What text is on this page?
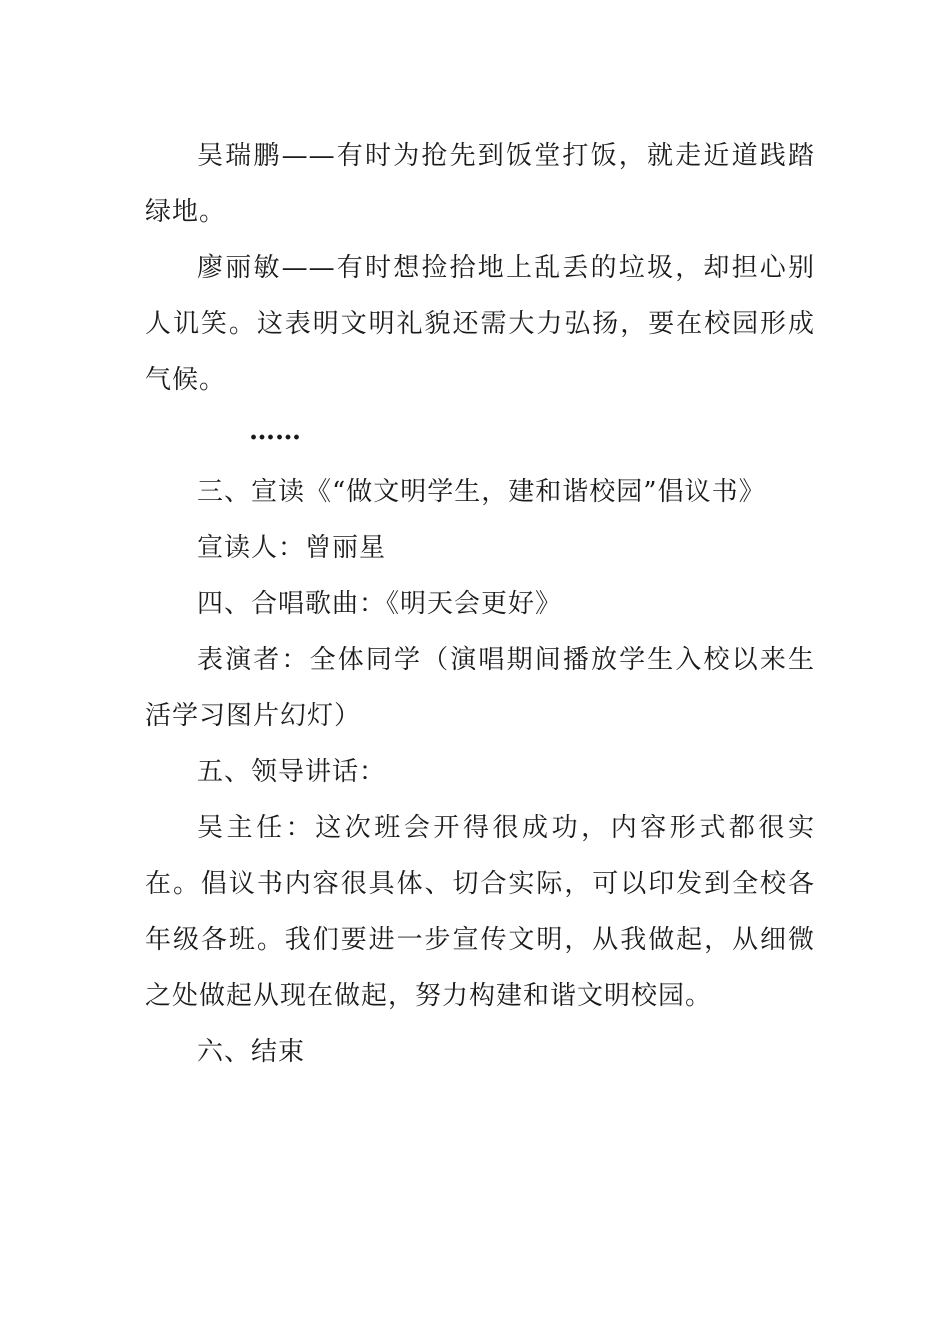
吴瑞鹏——有时为抢先到饭堂打饭，就走近道践踏绿地。

廖丽敏——有时想捡拾地上乱丢的垃圾，却担心别人讥笑。这表明文明礼貌还需大力弘扬，要在校园形成气候。

……

三、宣读《“做文明学生，建和谐校园”倡议书》

宣读人：曾丽星

四、合唱歌曲：《明天会更好》

表演者：全体同学（演唱期间播放学生入校以来生活学习图片幻灯）

五、领导讲话：

吴主任：这次班会开得很成功，内容形式都很实在。倡议书内容很具体、切合实际，可以印发到全校各年级各班。我们要进一步宣传文明，从我做起，从细微之处做起从现在做起，努力构建和谐文明校园。

六、结束
